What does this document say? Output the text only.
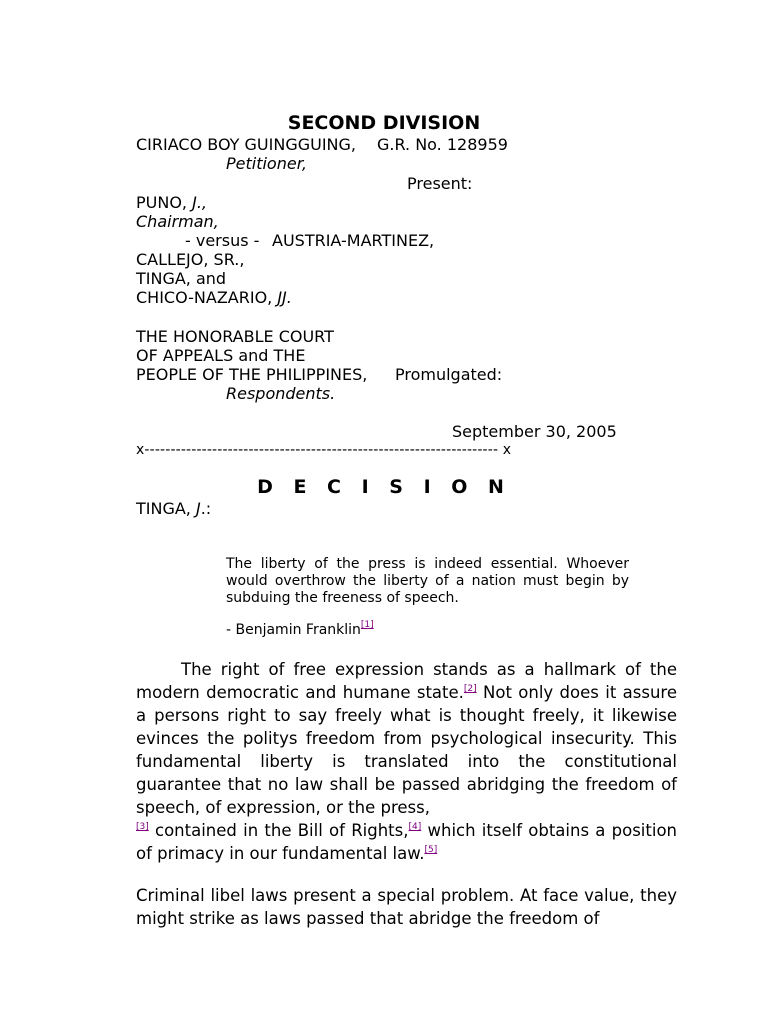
SECOND DIVISION
CIRIACO BOY GUINGGUING, G.R. No. 128959
Petitioner,
Present:
PUNO, J.,
Chairman,
- versus - AUSTRIA-MARTINEZ,
CALLEJO, SR.,
TINGA, and
CHICO-NAZARIO, JJ.
THE HONORABLE COURT
OF APPEALS and THE
PEOPLE OF THE PHILIPPINES, Promulgated:
Respondents.
September 30, 2005
x-------------------------------------------------------------------- x
D E C I S I O N
TINGA, J.:
The liberty of the press is indeed essential. Whoever would overthrow the liberty of a nation must begin by subduing the freeness of speech.
- Benjamin Franklin[1]
The right of free expression stands as a hallmark of the modern democratic and humane state.[2] Not only does it assure a persons right to say freely what is thought freely, it likewise evinces the politys freedom from psychological insecurity. This fundamental liberty is translated into the constitutional guarantee that no law shall be passed abridging the freedom of speech, of expression, or the press,
[3] contained in the Bill of Rights,[4] which itself obtains a position of primacy in our fundamental law.[5]
Criminal libel laws present a special problem. At face value, they might strike as laws passed that abridge the freedom of
